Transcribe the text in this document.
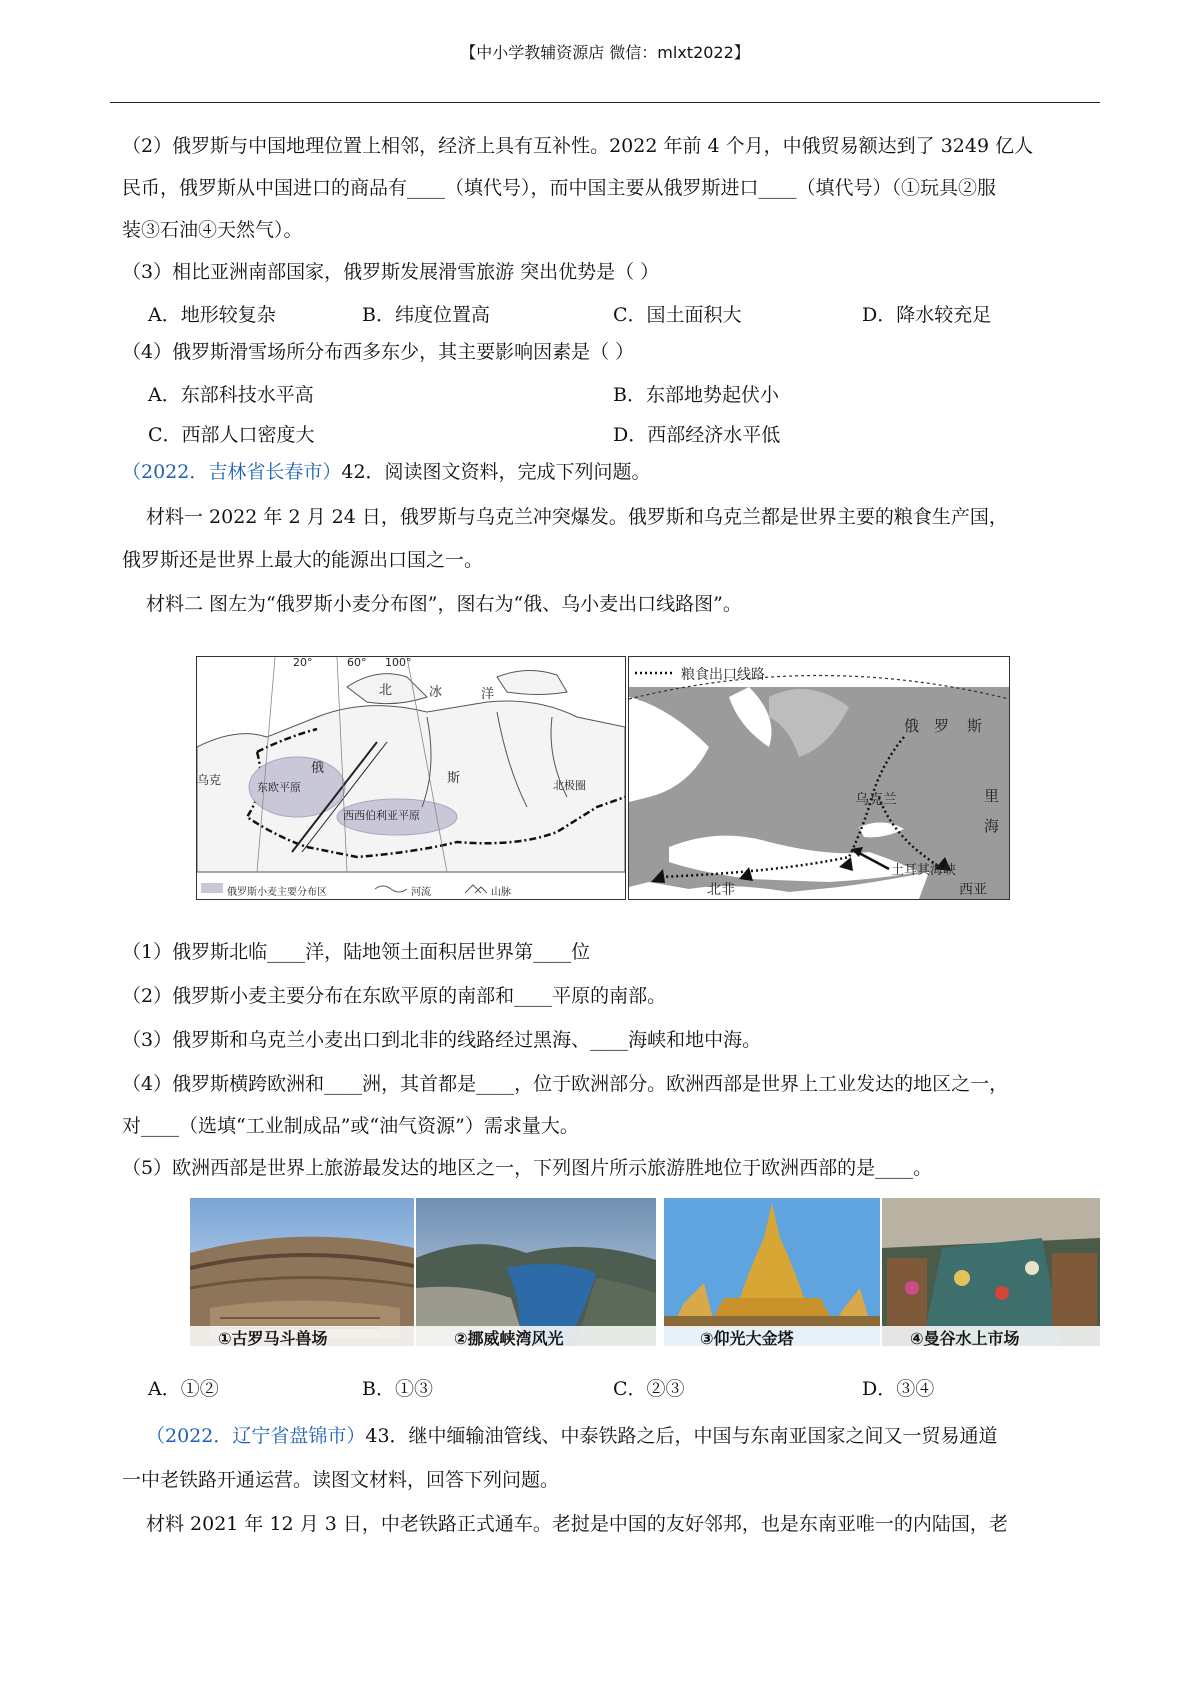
【中小学教辅资源店 微信：mlxt2022】
（2）俄罗斯与中国地理位置上相邻，经济上具有互补性。2022 年前 4 个月，中俄贸易额达到了 3249 亿人
民币，俄罗斯从中国进口的商品有____（填代号），而中国主要从俄罗斯进口____（填代号）（①玩具②服
装③石油④天然气）。
（3）相比亚洲南部国家，俄罗斯发展滑雪旅游 突出优势是（ ）
A．地形较复杂	B．纬度位置高	C．国土面积大	D．降水较充足
（4）俄罗斯滑雪场所分布西多东少，其主要影响因素是（ ）
A．东部科技水平高	B．东部地势起伏小
C．西部人口密度大	D．西部经济水平低
（2022．吉林省长春市）42．阅读图文资料，完成下列问题。
材料一 2022 年 2 月 24 日，俄罗斯与乌克兰冲突爆发。俄罗斯和乌克兰都是世界主要的粮食生产国，
俄罗斯还是世界上最大的能源出口国之一。
材料二 图左为“俄罗斯小麦分布图”，图右为“俄、乌小麦出口线路图”。
20°	60° 100°
北	冰	洋
俄
斯
东欧平原
西西伯利亚平原
乌克	北极圈
俄罗斯小麦主要分布区	河流	山脉
粮食出口线路
俄 罗 斯
乌克兰	里
海
土耳其海峡
北非	西亚
（1）俄罗斯北临____洋，陆地领土面积居世界第____位
（2）俄罗斯小麦主要分布在东欧平原的南部和____平原的南部。
（3）俄罗斯和乌克兰小麦出口到北非的线路经过黑海、____海峡和地中海。
（4）俄罗斯横跨欧洲和____洲，其首都是____，位于欧洲部分。欧洲西部是世界上工业发达的地区之一，
对____（选填“工业制成品”或“油气资源”）需求量大。
（5）欧洲西部是世界上旅游最发达的地区之一，下列图片所示旅游胜地位于欧洲西部的是____。
①古罗马斗兽场	②挪威峡湾风光	③仰光大金塔	④曼谷水上市场
A．①②	B．①③	C．②③	D．③④
（2022．辽宁省盘锦市）43．继中缅输油管线、中泰铁路之后，中国与东南亚国家之间又一贸易通道
一中老铁路开通运营。读图文材料，回答下列问题。
材料 2021 年 12 月 3 日，中老铁路正式通车。老挝是中国的友好邻邦，也是东南亚唯一的内陆国，老
